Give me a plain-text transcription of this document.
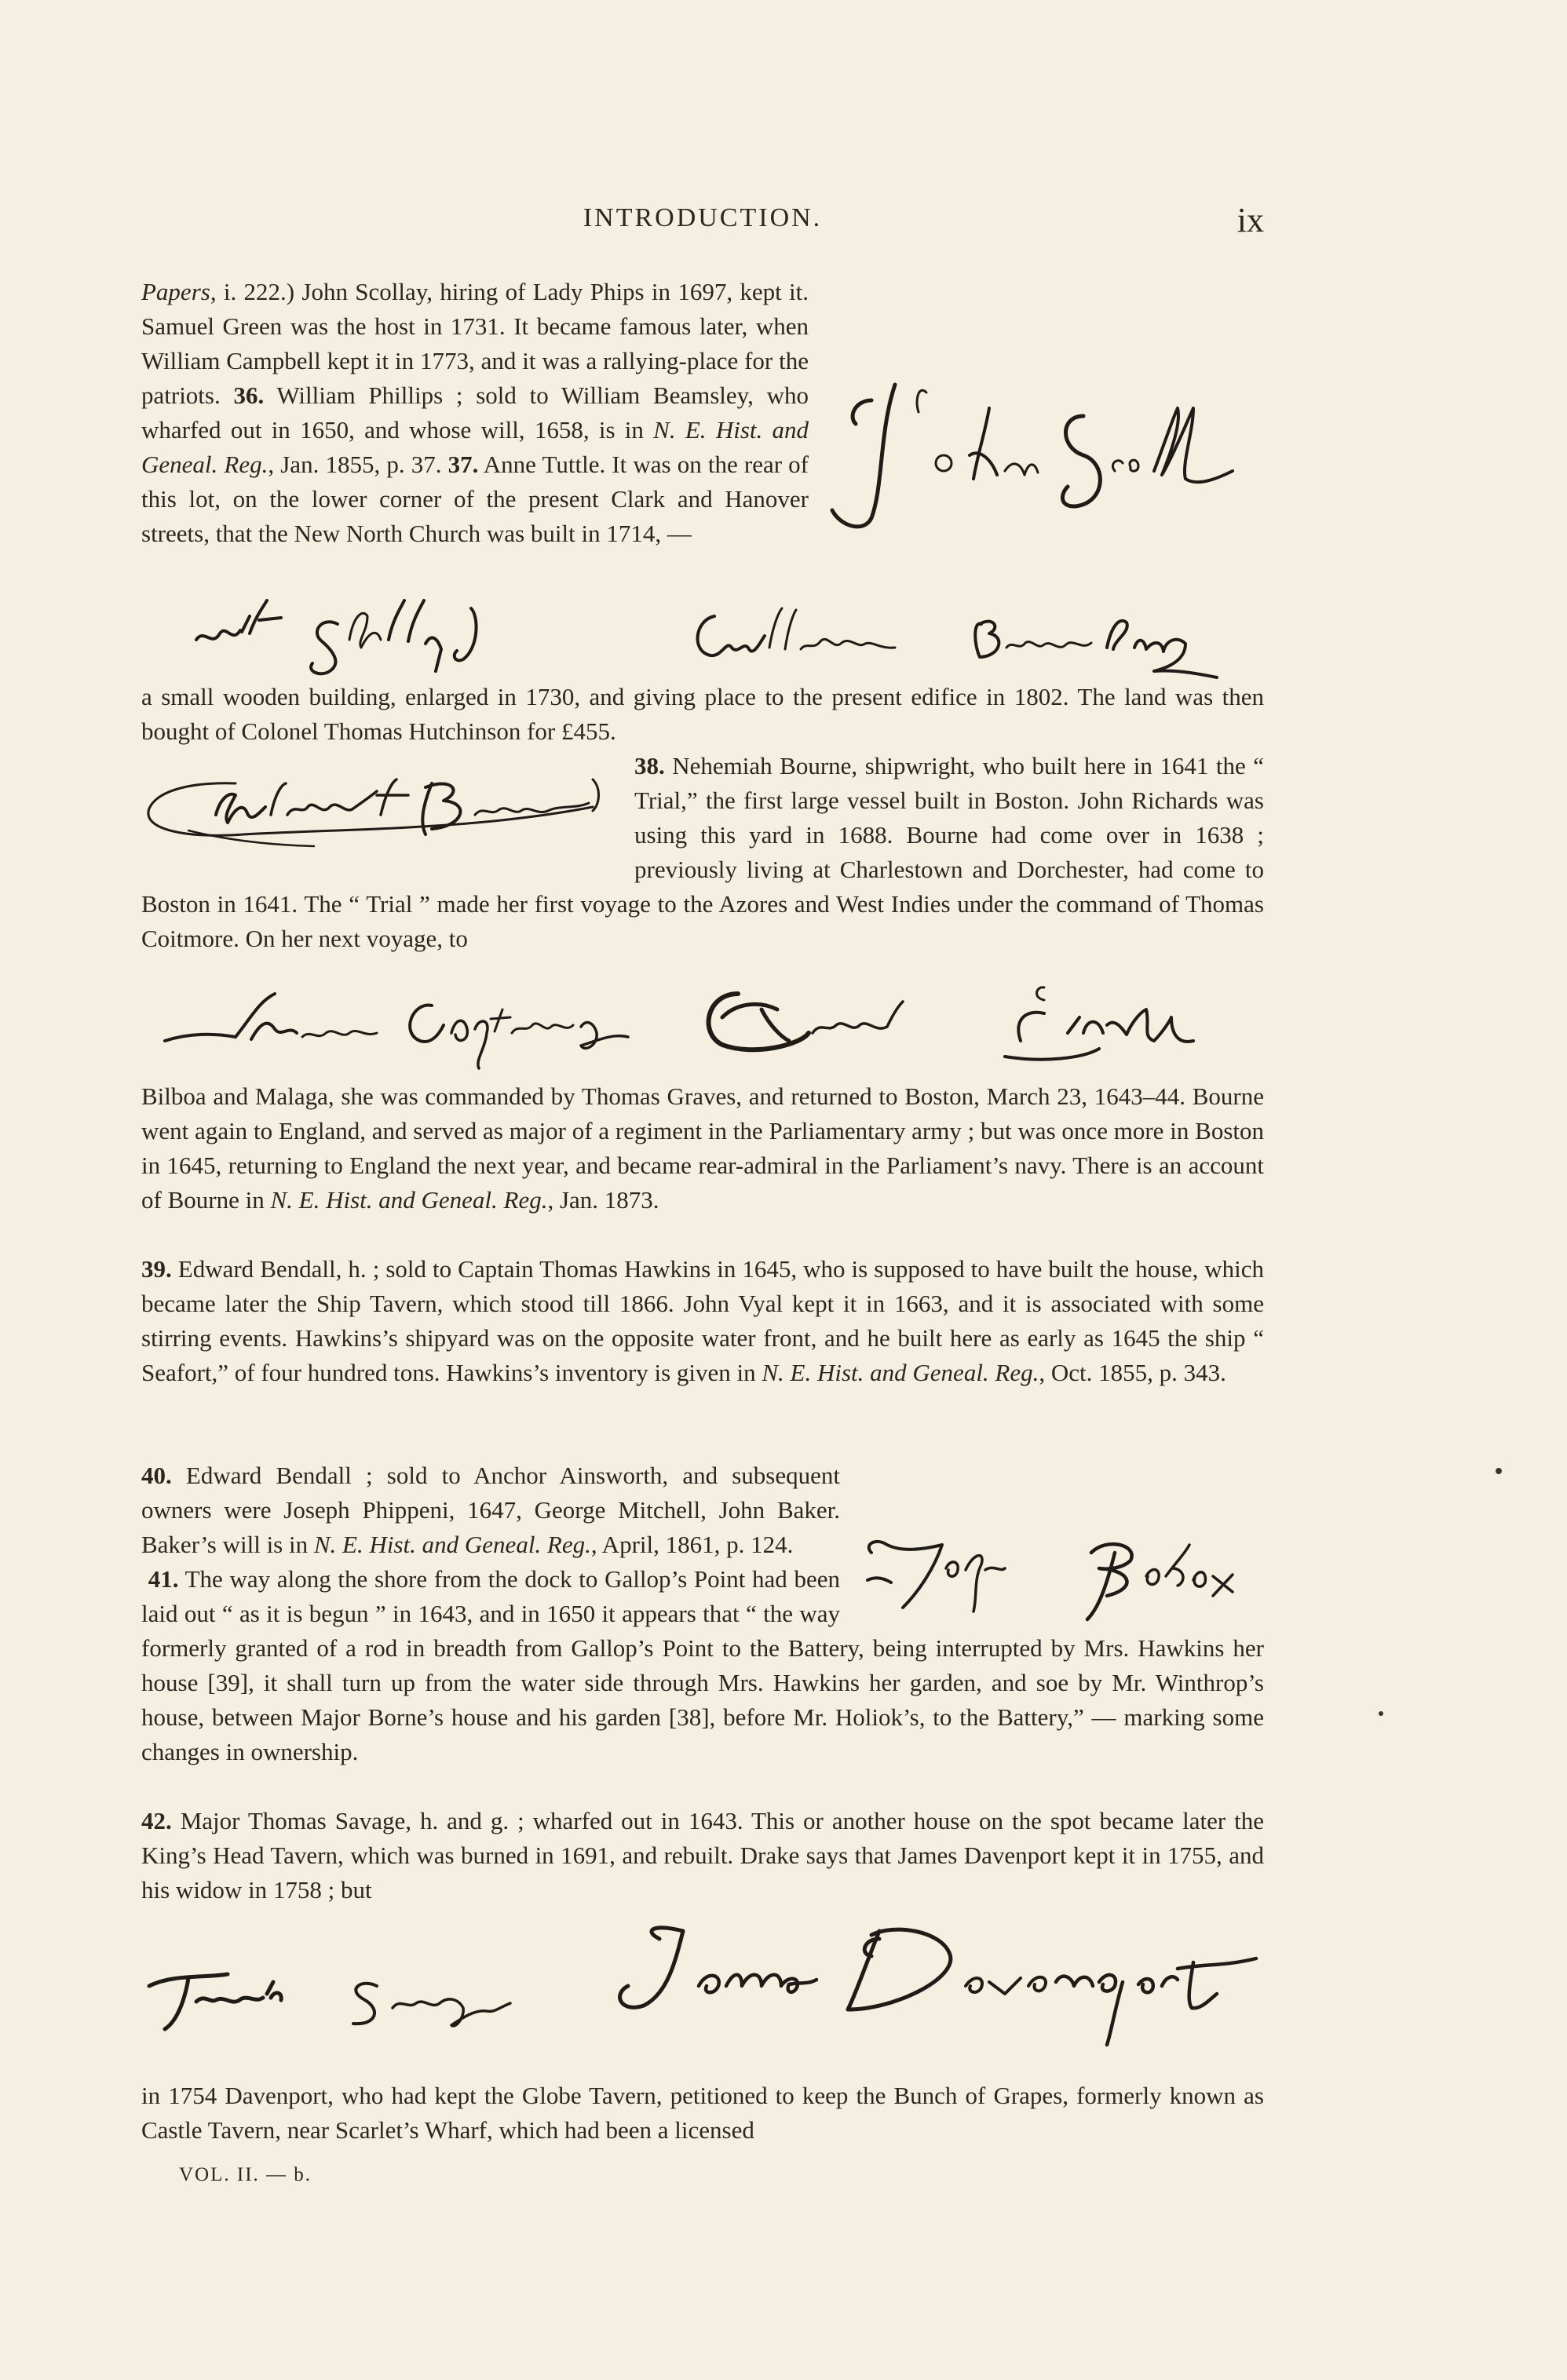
INTRODUCTION.	ix

Papers, i. 222.) John Scollay, hiring of Lady Phips in 1697, kept it. Samuel Green was the host in 1731. It became famous later, when William Campbell kept it in 1773, and it was a rallying-place for the patriots. 36. William Phillips ; sold to William Beamsley, who wharfed out in 1650, and whose will, 1658, is in N. E. Hist. and Geneal. Reg., Jan. 1855, p. 37. 37. Anne Tuttle. It was on the rear of this lot, on the lower corner of the present Clark and Hanover streets, that the New North Church was built in 1714, —

a small wooden building, enlarged in 1730, and giving place to the present edifice in 1802. The land was then bought of Colonel Thomas Hutchinson for £455.

38. Nehemiah Bourne, shipwright, who built here in 1641 the “ Trial,” the first large vessel built in Boston. John Richards was using this yard in 1688. Bourne had come over in 1638 ; previously living at Charlestown and Dorchester, had come to Boston in 1641. The “ Trial ” made her first voyage to the Azores and West Indies under the command of Thomas Coitmore. On her next voyage, to

Bilboa and Malaga, she was commanded by Thomas Graves, and returned to Boston, March 23, 1643–44. Bourne went again to England, and served as major of a regiment in the Parliamentary army ; but was once more in Boston in 1645, returning to England the next year, and became rear-admiral in the Parliament’s navy. There is an account of Bourne in N. E. Hist. and Geneal. Reg., Jan. 1873.

39. Edward Bendall, h. ; sold to Captain Thomas Hawkins in 1645, who is supposed to have built the house, which became later the Ship Tavern, which stood till 1866. John Vyal kept it in 1663, and it is associated with some stirring events. Hawkins’s shipyard was on the opposite water front, and he built here as early as 1645 the ship “ Seafort,” of four hundred tons. Hawkins’s inventory is given in N. E. Hist. and Geneal. Reg., Oct. 1855, p. 343.

40. Edward Bendall ; sold to Anchor Ainsworth, and subsequent owners were Joseph Phippeni, 1647, George Mitchell, John Baker. Baker’s will is in N. E. Hist. and Geneal. Reg., April, 1861, p. 124.
41. The way along the shore from the dock to Gallop’s Point had been laid out “ as it is begun ” in 1643, and in 1650 it appears that “ the way formerly granted of a rod in breadth from Gallop’s Point to the Battery, being interrupted by Mrs. Hawkins her house [39], it shall turn up from the water side through Mrs. Hawkins her garden, and soe by Mr. Winthrop’s house, between Major Borne’s house and his garden [38], before Mr. Holiok’s, to the Battery,” — marking some changes in ownership.

42. Major Thomas Savage, h. and g. ; wharfed out in 1643. This or another house on the spot became later the King’s Head Tavern, which was burned in 1691, and rebuilt. Drake says that James Davenport kept it in 1755, and his widow in 1758 ; but

in 1754 Davenport, who had kept the Globe Tavern, petitioned to keep the Bunch of Grapes, formerly known as Castle Tavern, near Scarlet’s Wharf, which had been a licensed

VOL. II. — b.
